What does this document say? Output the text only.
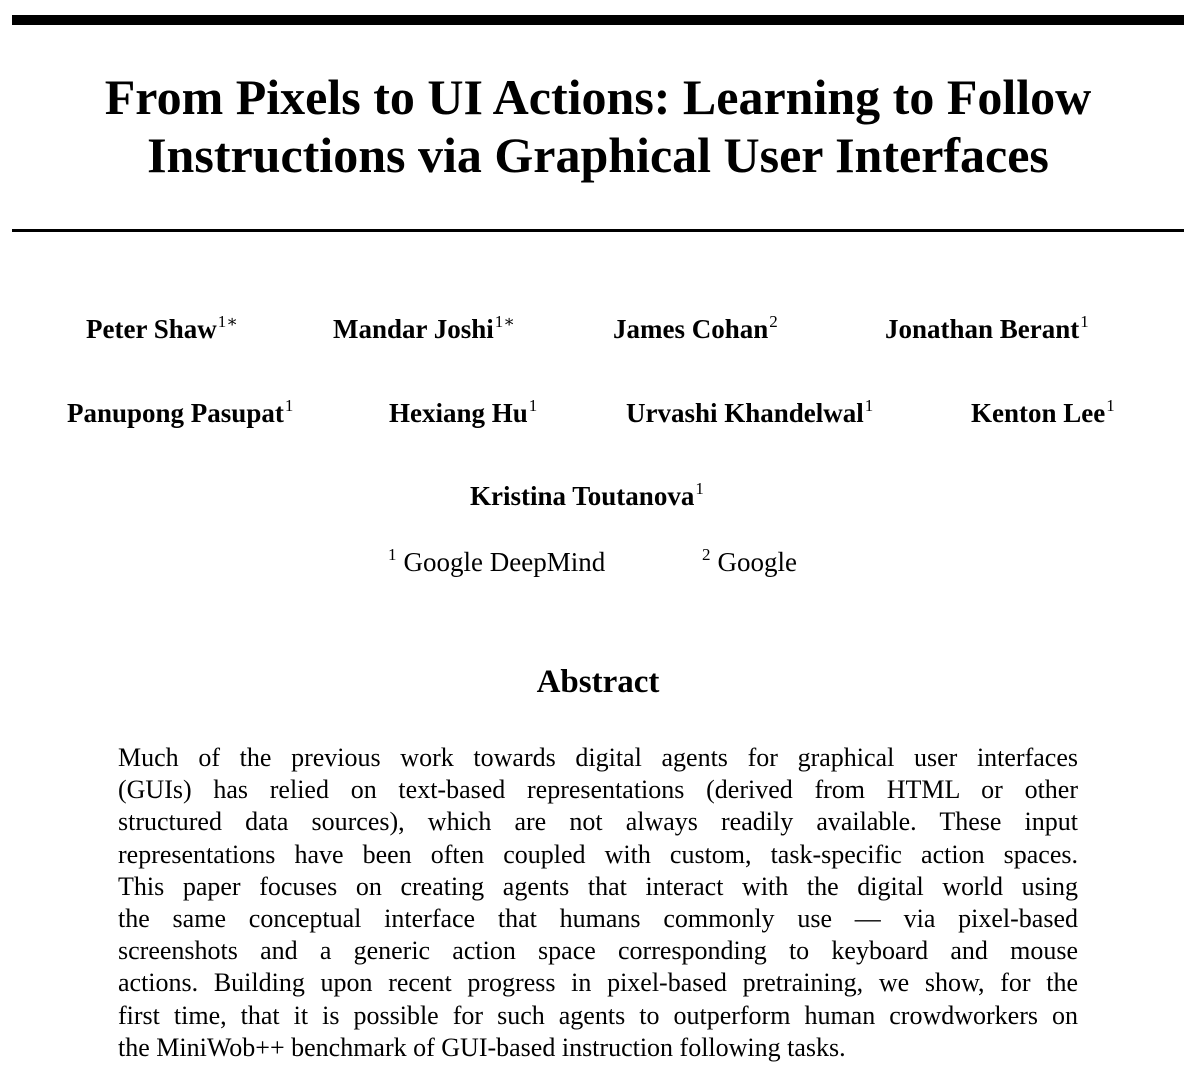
From Pixels to UI Actions: Learning to Follow
Instructions via Graphical User Interfaces
Peter Shaw$^{1∗}$	Mandar Joshi$^{1∗}$	James Cohan$^2$	Jonathan Berant$^1$
Panupong Pasupat$^1$	Hexiang Hu$^1$	Urvashi Khandelwal$^1$	Kenton Lee$^1$
Kristina Toutanova$^1$
$^1$ Google DeepMind	$^2$ Google
Abstract
Much of the previous work towards digital agents for graphical user interfaces
(GUIs) has relied on text-based representations (derived from HTML or other
structured data sources), which are not always readily available. These input
representations have been often coupled with custom, task-specific action spaces.
This paper focuses on creating agents that interact with the digital world using
the same conceptual interface that humans commonly use — via pixel-based
screenshots and a generic action space corresponding to keyboard and mouse
actions. Building upon recent progress in pixel-based pretraining, we show, for the
first time, that it is possible for such agents to outperform human crowdworkers on
the MiniWob++ benchmark of GUI-based instruction following tasks.
